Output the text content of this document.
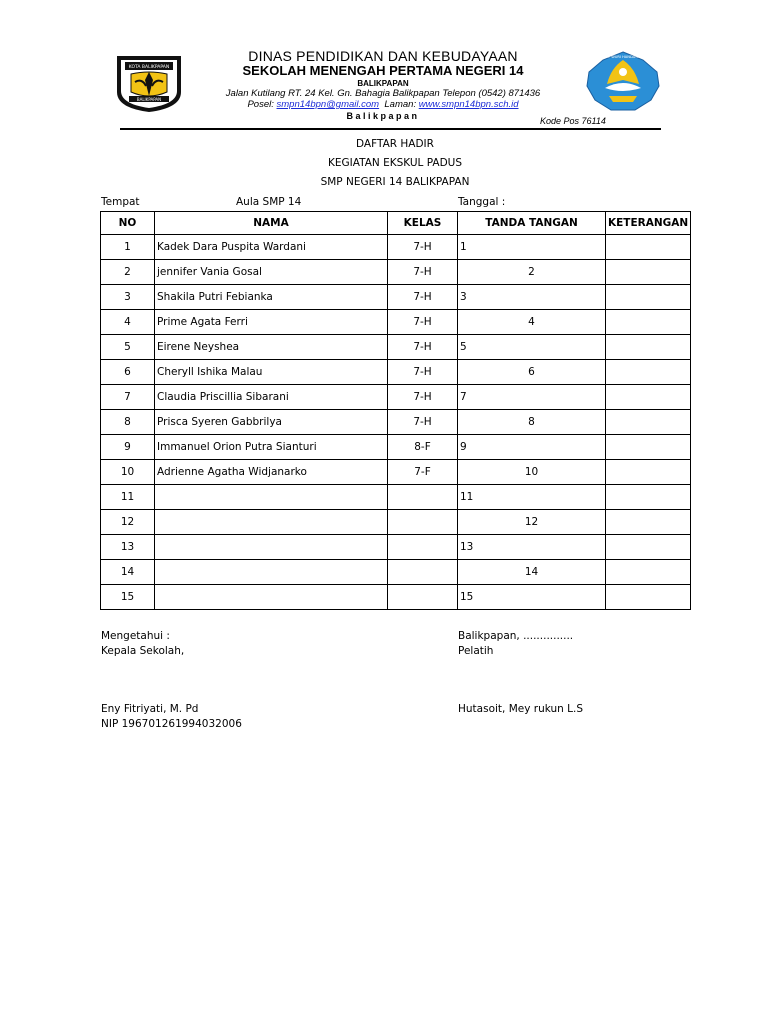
KOTA BALIKPAPAN
BALIKPAPAN
DINAS PENDIDIKAN DAN KEBUDAYAAN
SEKOLAH MENENGAH PERTAMA NEGERI 14
BALIKPAPAN
Jalan Kutilang RT. 24 Kel. Gn. Bahagia Balikpapan Telepon (0542) 871436
Posel: smpn14bpn@gmail.com Laman: www.smpn14bpn.sch.id
Balikpapan
TUT WURI HANDAYANI
Kode Pos 76114
DAFTAR HADIR
KEGIATAN EKSKUL PADUS
SMP NEGERI 14 BALIKPAPAN
Tempat	Aula SMP 14	Tanggal :
NO	NAMA	KELAS	TANDA TANGAN	KETERANGAN
1	Kadek Dara Puspita Wardani	7-H	1	
2	jennifer Vania Gosal	7-H	2	
3	Shakila Putri Febianka	7-H	3	
4	Prime Agata Ferri	7-H	4	
5	Eirene Neyshea	7-H	5	
6	Cheryll Ishika Malau	7-H	6	
7	Claudia Priscillia Sibarani	7-H	7	
8	Prisca Syeren Gabbrilya	7-H	8	
9	Immanuel Orion Putra Sianturi	8-F	9	
10	Adrienne Agatha Widjanarko	7-F	10	
11			11	
12			12	
13			13	
14			14	
15			15	
Mengetahui :
Kepala Sekolah,
Eny Fitriyati, M. Pd
NIP 196701261994032006
Balikpapan, ...............
Pelatih
Hutasoit, Mey rukun L.S
